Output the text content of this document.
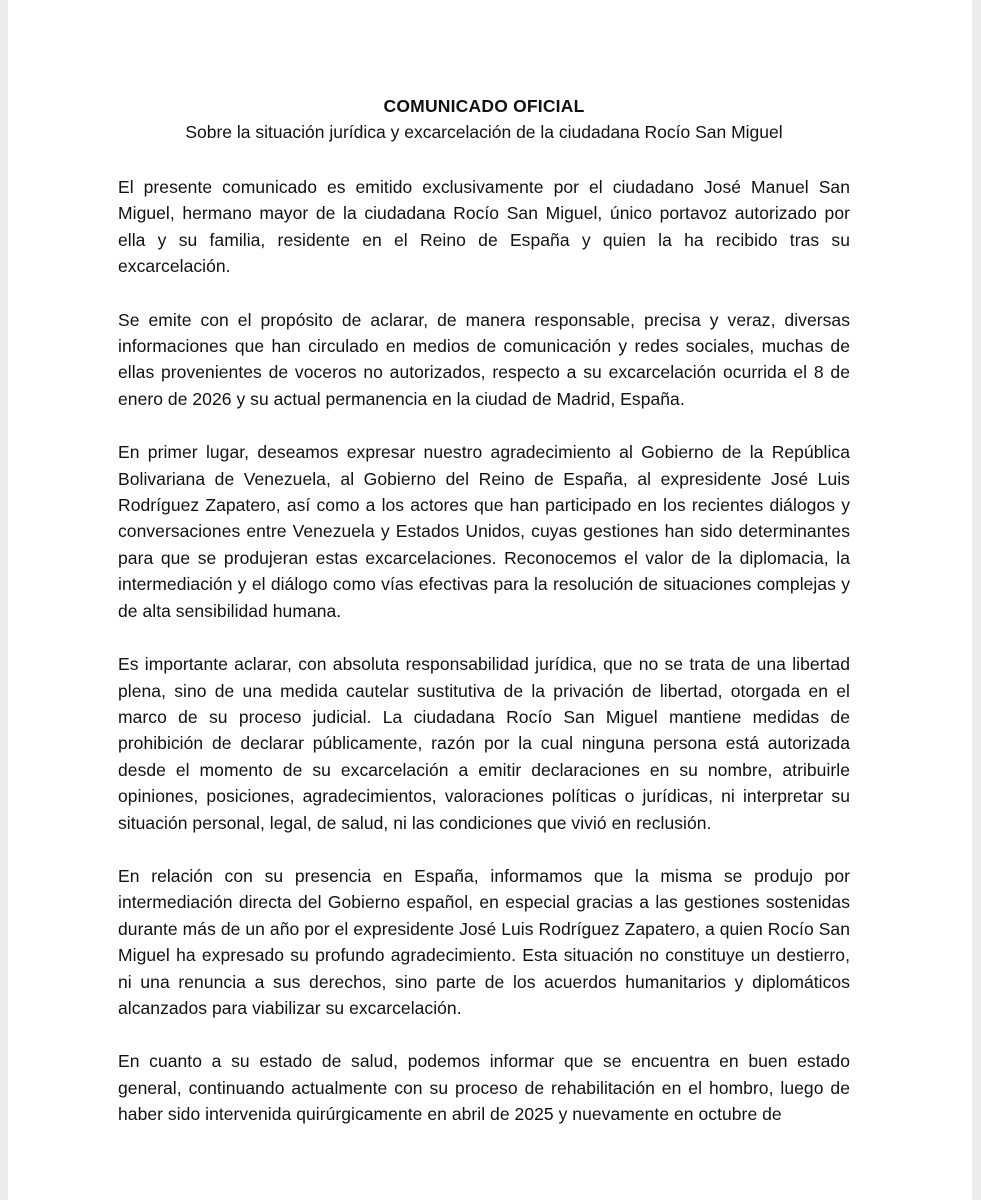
COMUNICADO OFICIAL

Sobre la situación jurídica y excarcelación de la ciudadana Rocío San Miguel

El presente comunicado es emitido exclusivamente por el ciudadano José Manuel San Miguel, hermano mayor de la ciudadana Rocío San Miguel, único portavoz autorizado por ella y su familia, residente en el Reino de España y quien la ha recibido tras su excarcelación.

Se emite con el propósito de aclarar, de manera responsable, precisa y veraz, diversas informaciones que han circulado en medios de comunicación y redes sociales, muchas de ellas provenientes de voceros no autorizados, respecto a su excarcelación ocurrida el 8 de enero de 2026 y su actual permanencia en la ciudad de Madrid, España.

En primer lugar, deseamos expresar nuestro agradecimiento al Gobierno de la República Bolivariana de Venezuela, al Gobierno del Reino de España, al expresidente José Luis Rodríguez Zapatero, así como a los actores que han participado en los recientes diálogos y conversaciones entre Venezuela y Estados Unidos, cuyas gestiones han sido determinantes para que se produjeran estas excarcelaciones. Reconocemos el valor de la diplomacia, la intermediación y el diálogo como vías efectivas para la resolución de situaciones complejas y de alta sensibilidad humana.

Es importante aclarar, con absoluta responsabilidad jurídica, que no se trata de una libertad plena, sino de una medida cautelar sustitutiva de la privación de libertad, otorgada en el marco de su proceso judicial. La ciudadana Rocío San Miguel mantiene medidas de prohibición de declarar públicamente, razón por la cual ninguna persona está autorizada desde el momento de su excarcelación a emitir declaraciones en su nombre, atribuirle opiniones, posiciones, agradecimientos, valoraciones políticas o jurídicas, ni interpretar su situación personal, legal, de salud, ni las condiciones que vivió en reclusión.

En relación con su presencia en España, informamos que la misma se produjo por intermediación directa del Gobierno español, en especial gracias a las gestiones sostenidas durante más de un año por el expresidente José Luis Rodríguez Zapatero, a quien Rocío San Miguel ha expresado su profundo agradecimiento. Esta situación no constituye un destierro, ni una renuncia a sus derechos, sino parte de los acuerdos humanitarios y diplomáticos alcanzados para viabilizar su excarcelación.

En cuanto a su estado de salud, podemos informar que se encuentra en buen estado general, continuando actualmente con su proceso de rehabilitación en el hombro, luego de haber sido intervenida quirúrgicamente en abril de 2025 y nuevamente en octubre de
